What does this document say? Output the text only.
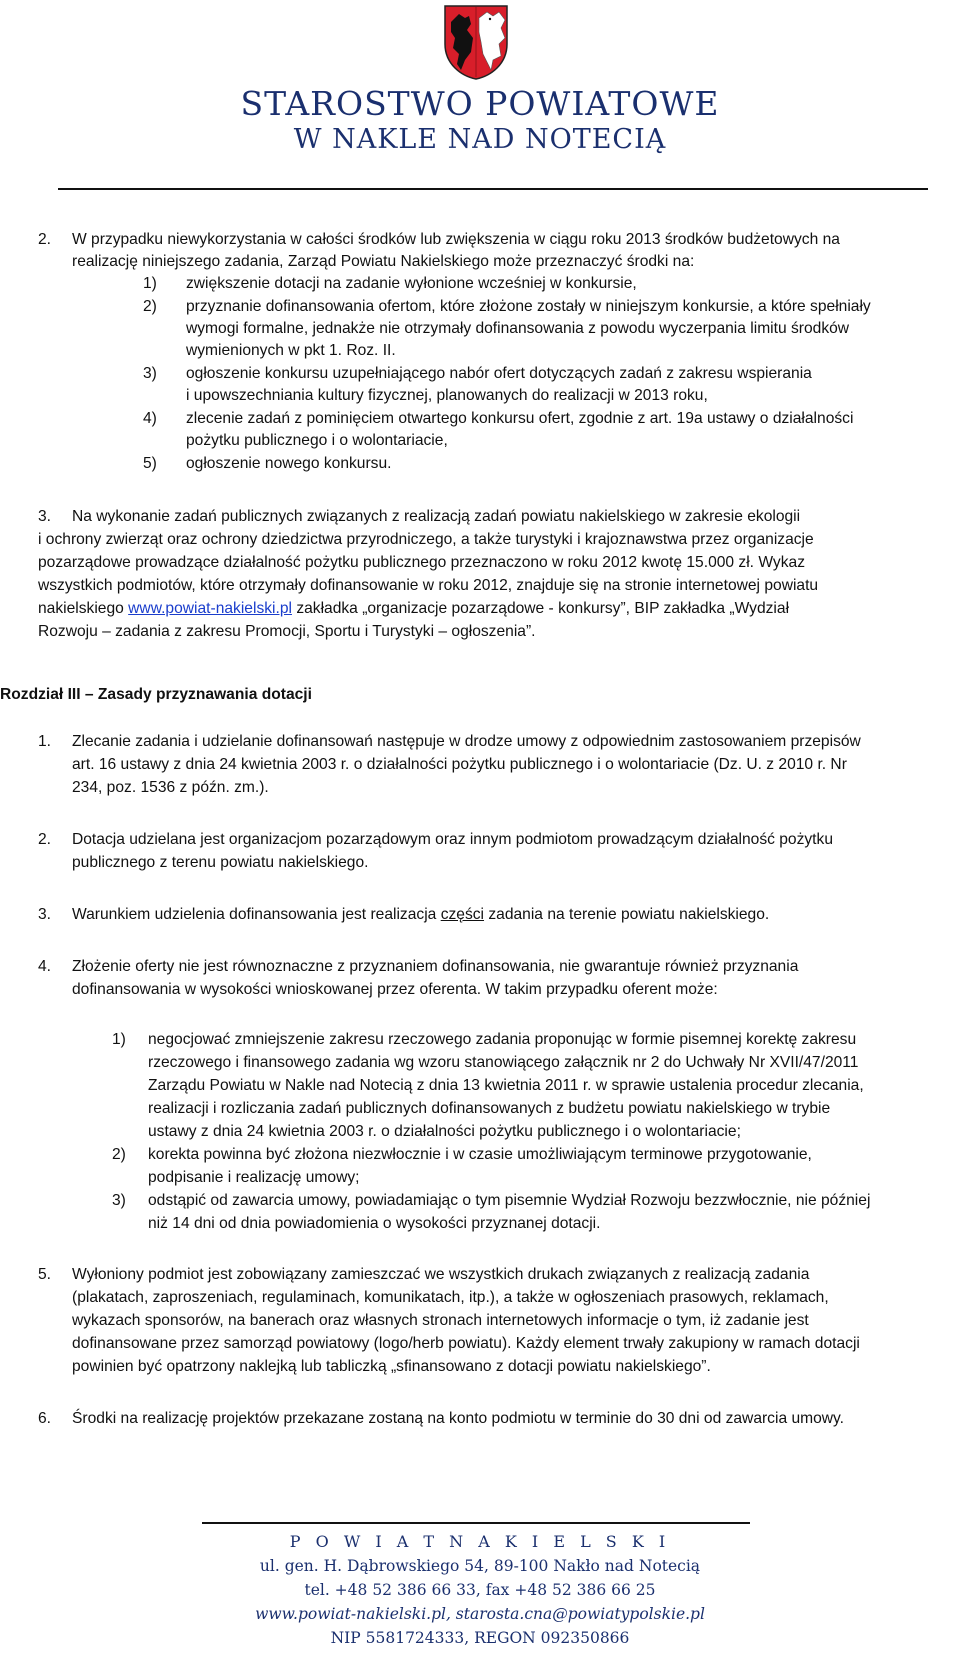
STAROSTWO POWIATOWE
W NAKLE NAD NOTECIĄ
2. W przypadku niewykorzystania w całości środków lub zwiększenia w ciągu roku 2013 środków budżetowych na
realizację niniejszego zadania, Zarząd Powiatu Nakielskiego może przeznaczyć środki na:
1) zwiększenie dotacji na zadanie wyłonione wcześniej w konkursie,
2) przyznanie dofinansowania ofertom, które złożone zostały w niniejszym konkursie, a które spełniały
wymogi formalne, jednakże nie otrzymały dofinansowania z powodu wyczerpania limitu środków
wymienionych w pkt 1. Roz. II.
3) ogłoszenie konkursu uzupełniającego nabór ofert dotyczących zadań z zakresu wspierania
i upowszechniania kultury fizycznej, planowanych do realizacji w 2013 roku,
4) zlecenie zadań z pominięciem otwartego konkursu ofert, zgodnie z art. 19a ustawy o działalności
pożytku publicznego i o wolontariacie,
5) ogłoszenie nowego konkursu.
3. Na wykonanie zadań publicznych związanych z realizacją zadań powiatu nakielskiego w zakresie ekologii
i ochrony zwierząt oraz ochrony dziedzictwa przyrodniczego, a także turystyki i krajoznawstwa przez organizacje
pozarządowe prowadzące działalność pożytku publicznego przeznaczono w roku 2012 kwotę 15.000 zł. Wykaz
wszystkich podmiotów, które otrzymały dofinansowanie w roku 2012, znajduje się na stronie internetowej powiatu
nakielskiego www.powiat-nakielski.pl zakładka „organizacje pozarządowe - konkursy”, BIP zakładka „Wydział
Rozwoju – zadania z zakresu Promocji, Sportu i Turystyki – ogłoszenia”.
Rozdział III – Zasady przyznawania dotacji
1. Zlecanie zadania i udzielanie dofinansowań następuje w drodze umowy z odpowiednim zastosowaniem przepisów
art. 16 ustawy z dnia 24 kwietnia 2003 r. o działalności pożytku publicznego i o wolontariacie (Dz. U. z 2010 r. Nr
234, poz. 1536 z późn. zm.).
2. Dotacja udzielana jest organizacjom pozarządowym oraz innym podmiotom prowadzącym działalność pożytku
publicznego z terenu powiatu nakielskiego.
3. Warunkiem udzielenia dofinansowania jest realizacja części zadania na terenie powiatu nakielskiego.
4. Złożenie oferty nie jest równoznaczne z przyznaniem dofinansowania, nie gwarantuje również przyznania
dofinansowania w wysokości wnioskowanej przez oferenta. W takim przypadku oferent może:
1) negocjować zmniejszenie zakresu rzeczowego zadania proponując w formie pisemnej korektę zakresu
rzeczowego i finansowego zadania wg wzoru stanowiącego załącznik nr 2 do Uchwały Nr XVII/47/2011
Zarządu Powiatu w Nakle nad Notecią z dnia 13 kwietnia 2011 r. w sprawie ustalenia procedur zlecania,
realizacji i rozliczania zadań publicznych dofinansowanych z budżetu powiatu nakielskiego w trybie
ustawy z dnia 24 kwietnia 2003 r. o działalności pożytku publicznego i o wolontariacie;
2) korekta powinna być złożona niezwłocznie i w czasie umożliwiającym terminowe przygotowanie,
podpisanie i realizację umowy;
3) odstąpić od zawarcia umowy, powiadamiając o tym pisemnie Wydział Rozwoju bezzwłocznie, nie później
niż 14 dni od dnia powiadomienia o wysokości przyznanej dotacji.
5. Wyłoniony podmiot jest zobowiązany zamieszczać we wszystkich drukach związanych z realizacją zadania
(plakatach, zaproszeniach, regulaminach, komunikatach, itp.), a także w ogłoszeniach prasowych, reklamach,
wykazach sponsorów, na banerach oraz własnych stronach internetowych informacje o tym, iż zadanie jest
dofinansowane przez samorząd powiatowy (logo/herb powiatu). Każdy element trwały zakupiony w ramach dotacji
powinien być opatrzony naklejką lub tabliczką „sfinansowano z dotacji powiatu nakielskiego”.
6. Środki na realizację projektów przekazane zostaną na konto podmiotu w terminie do 30 dni od zawarcia umowy.
P O W I A T N A K I E L S K I
ul. gen. H. Dąbrowskiego 54, 89-100 Nakło nad Notecią
tel. +48 52 386 66 33, fax +48 52 386 66 25
www.powiat-nakielski.pl, starosta.cna@powiatypolskie.pl
NIP 5581724333, REGON 092350866
